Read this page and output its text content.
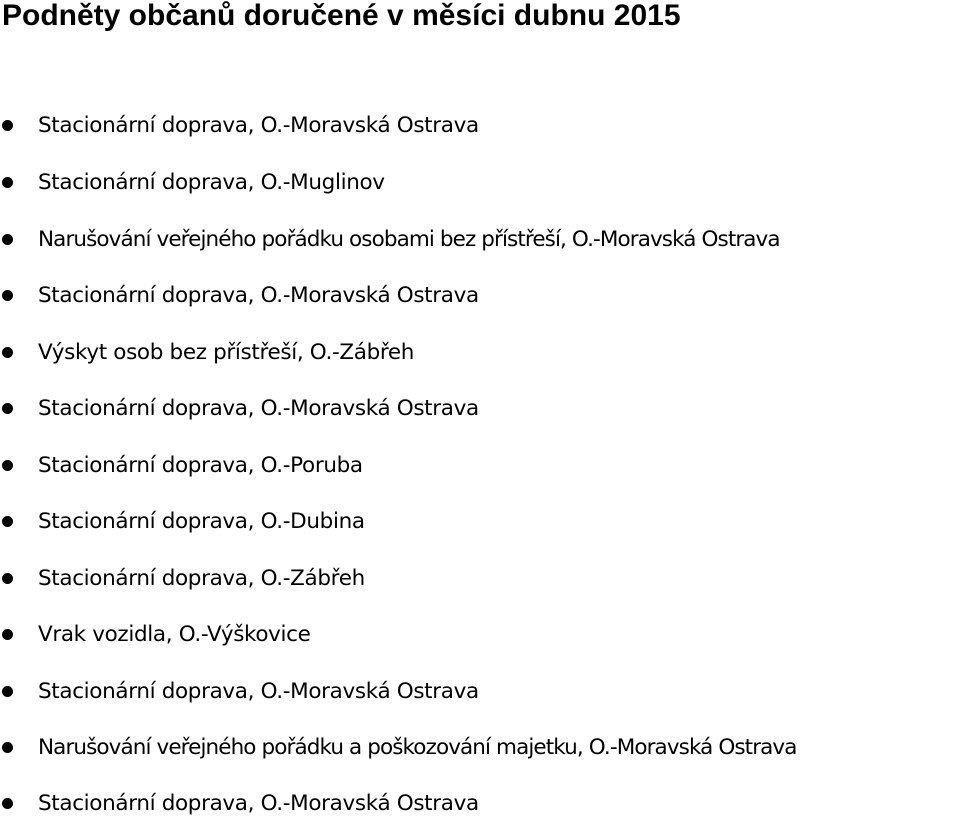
Podněty občanů doručené v měsíci dubnu 2015
Stacionární doprava, O.-Moravská Ostrava
Stacionární doprava, O.-Muglinov
Narušování veřejného pořádku osobami bez přístřeší, O.-Moravská Ostrava
Stacionární doprava, O.-Moravská Ostrava
Výskyt osob bez přístřeší, O.-Zábřeh
Stacionární doprava, O.-Moravská Ostrava
Stacionární doprava, O.-Poruba
Stacionární doprava, O.-Dubina
Stacionární doprava, O.-Zábřeh
Vrak vozidla, O.-Výškovice
Stacionární doprava, O.-Moravská Ostrava
Narušování veřejného pořádku a poškozování majetku, O.-Moravská Ostrava
Stacionární doprava, O.-Moravská Ostrava
